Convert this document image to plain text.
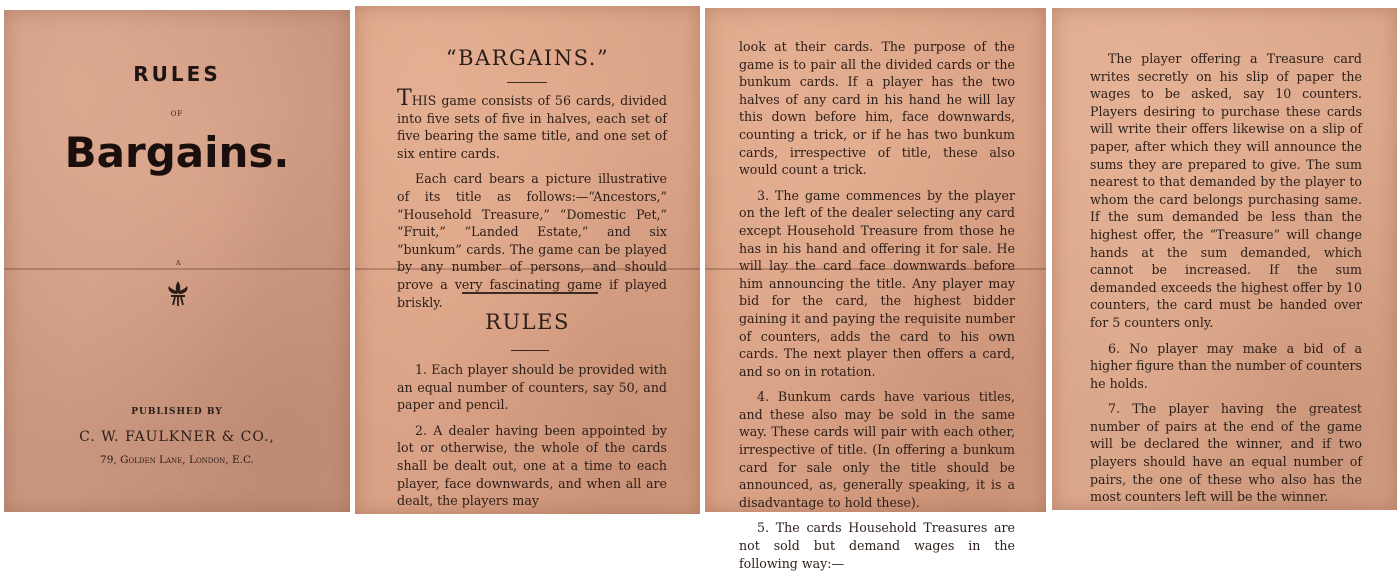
RULES
OF
Bargains.
A
PUBLISHED BY
C. W. FAULKNER & CO.,
79, Golden Lane, London, E.C.
“BARGAINS.”

THIS game consists of 56 cards, divided into five sets of five in halves, each set of five bearing the same title, and one set of six entire cards.

Each card bears a picture illustrative of its title as follows:—“Ancestors,” “Household Treasure,” “Domestic Pet,” “Fruit,” “Landed Estate,” and six “bunkum” cards. The game can be played by any number of persons, and should prove a very fascinating game if played briskly.

RULES

1. Each player should be provided with an equal number of counters, say 50, and paper and pencil.

2. A dealer having been appointed by lot or otherwise, the whole of the cards shall be dealt out, one at a time to each player, face downwards, and when all are dealt, the players may

look at their cards. The purpose of the game is to pair all the divided cards or the bunkum cards. If a player has the two halves of any card in his hand he will lay this down before him, face downwards, counting a trick, or if he has two bunkum cards, irrespective of title, these also would count a trick.

3. The game commences by the player on the left of the dealer selecting any card except Household Treasure from those he has in his hand and offering it for sale. He will lay the card face downwards before him announcing the title. Any player may bid for the card, the highest bidder gaining it and paying the requisite number of counters, adds the card to his own cards. The next player then offers a card, and so on in rotation.

4. Bunkum cards have various titles, and these also may be sold in the same way. These cards will pair with each other, irrespective of title. (In offering a bunkum card for sale only the title should be announced, as, generally speaking, it is a disadvantage to hold these).

5. The cards Household Treasures are not sold but demand wages in the following way:—

The player offering a Treasure card writes secretly on his slip of paper the wages to be asked, say 10 counters. Players desiring to purchase these cards will write their offers likewise on a slip of paper, after which they will announce the sums they are prepared to give. The sum nearest to that demanded by the player to whom the card belongs purchasing same. If the sum demanded be less than the highest offer, the “Treasure” will change hands at the sum demanded, which cannot be increased. If the sum demanded exceeds the highest offer by 10 counters, the card must be handed over for 5 counters only.

6. No player may make a bid of a higher figure than the number of counters he holds.

7. The player having the greatest number of pairs at the end of the game will be declared the winner, and if two players should have an equal number of pairs, the one of these who also has the most counters left will be the winner.
